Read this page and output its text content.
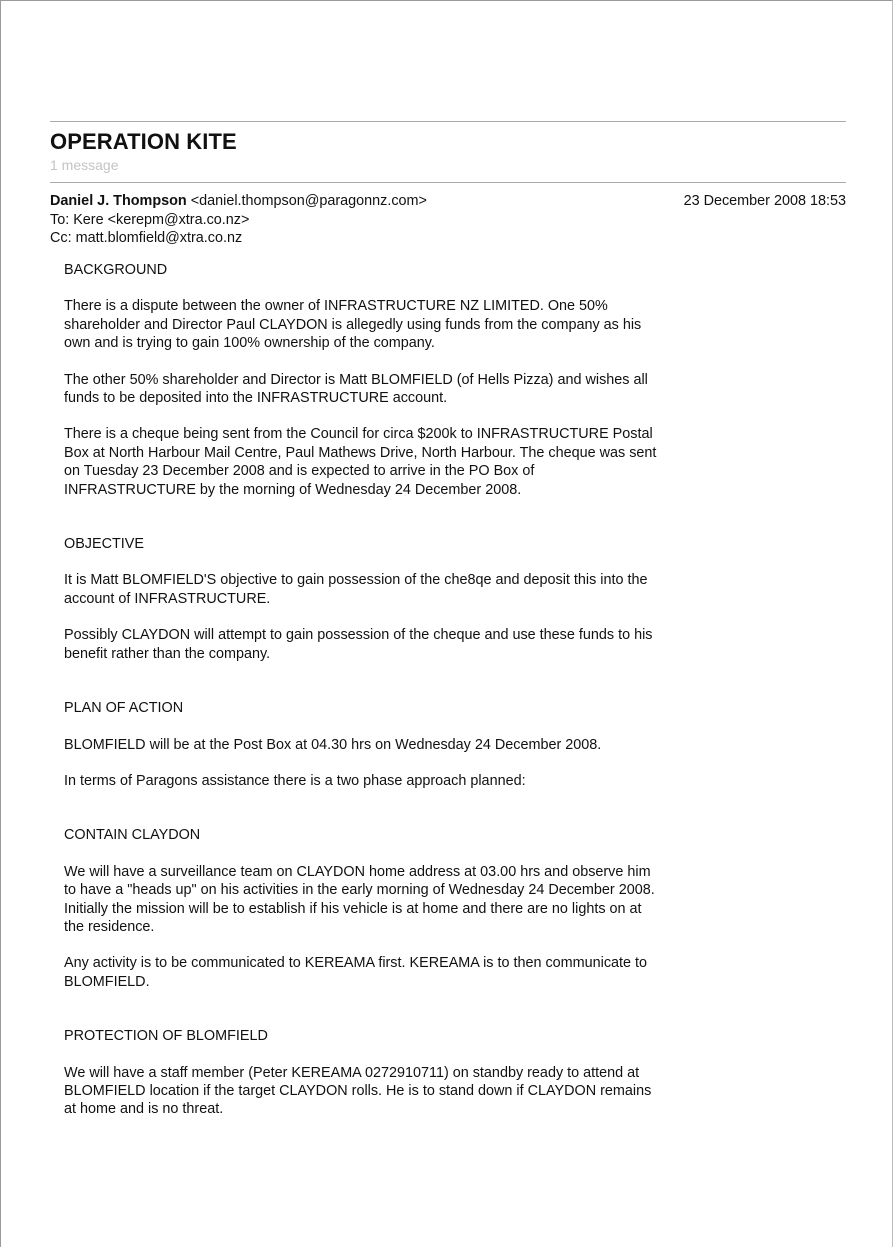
OPERATION KITE
1 message
Daniel J. Thompson <daniel.thompson@paragonnz.com>	23 December 2008 18:53
To: Kere <kerepm@xtra.co.nz>
Cc: matt.blomfield@xtra.co.nz

BACKGROUND

There is a dispute between the owner of INFRASTRUCTURE NZ LIMITED. One 50% shareholder and Director Paul CLAYDON is allegedly using funds from the company as his own and is trying to gain 100% ownership of the company.

The other 50% shareholder and Director is Matt BLOMFIELD (of Hells Pizza) and wishes all funds to be deposited into the INFRASTRUCTURE account.

There is a cheque being sent from the Council for circa $200k to INFRASTRUCTURE Postal Box at North Harbour Mail Centre, Paul Mathews Drive, North Harbour. The cheque was sent on Tuesday 23 December 2008 and is expected to arrive in the PO Box of INFRASTRUCTURE by the morning of Wednesday 24 December 2008.

OBJECTIVE

It is Matt BLOMFIELD'S objective to gain possession of the che8qe and deposit this into the account of INFRASTRUCTURE.

Possibly CLAYDON will attempt to gain possession of the cheque and use these funds to his benefit rather than the company.

PLAN OF ACTION

BLOMFIELD will be at the Post Box at 04.30 hrs on Wednesday 24 December 2008.

In terms of Paragons assistance there is a two phase approach planned:

CONTAIN CLAYDON

We will have a surveillance team on CLAYDON home address at 03.00 hrs and observe him to have a "heads up" on his activities in the early morning of Wednesday 24 December 2008. Initially the mission will be to establish if his vehicle is at home and there are no lights on at the residence.

Any activity is to be communicated to KEREAMA first. KEREAMA is to then communicate to BLOMFIELD.

PROTECTION OF BLOMFIELD

We will have a staff member (Peter KEREAMA 0272910711) on standby ready to attend at BLOMFIELD location if the target CLAYDON rolls. He is to stand down if CLAYDON remains at home and is no threat.
